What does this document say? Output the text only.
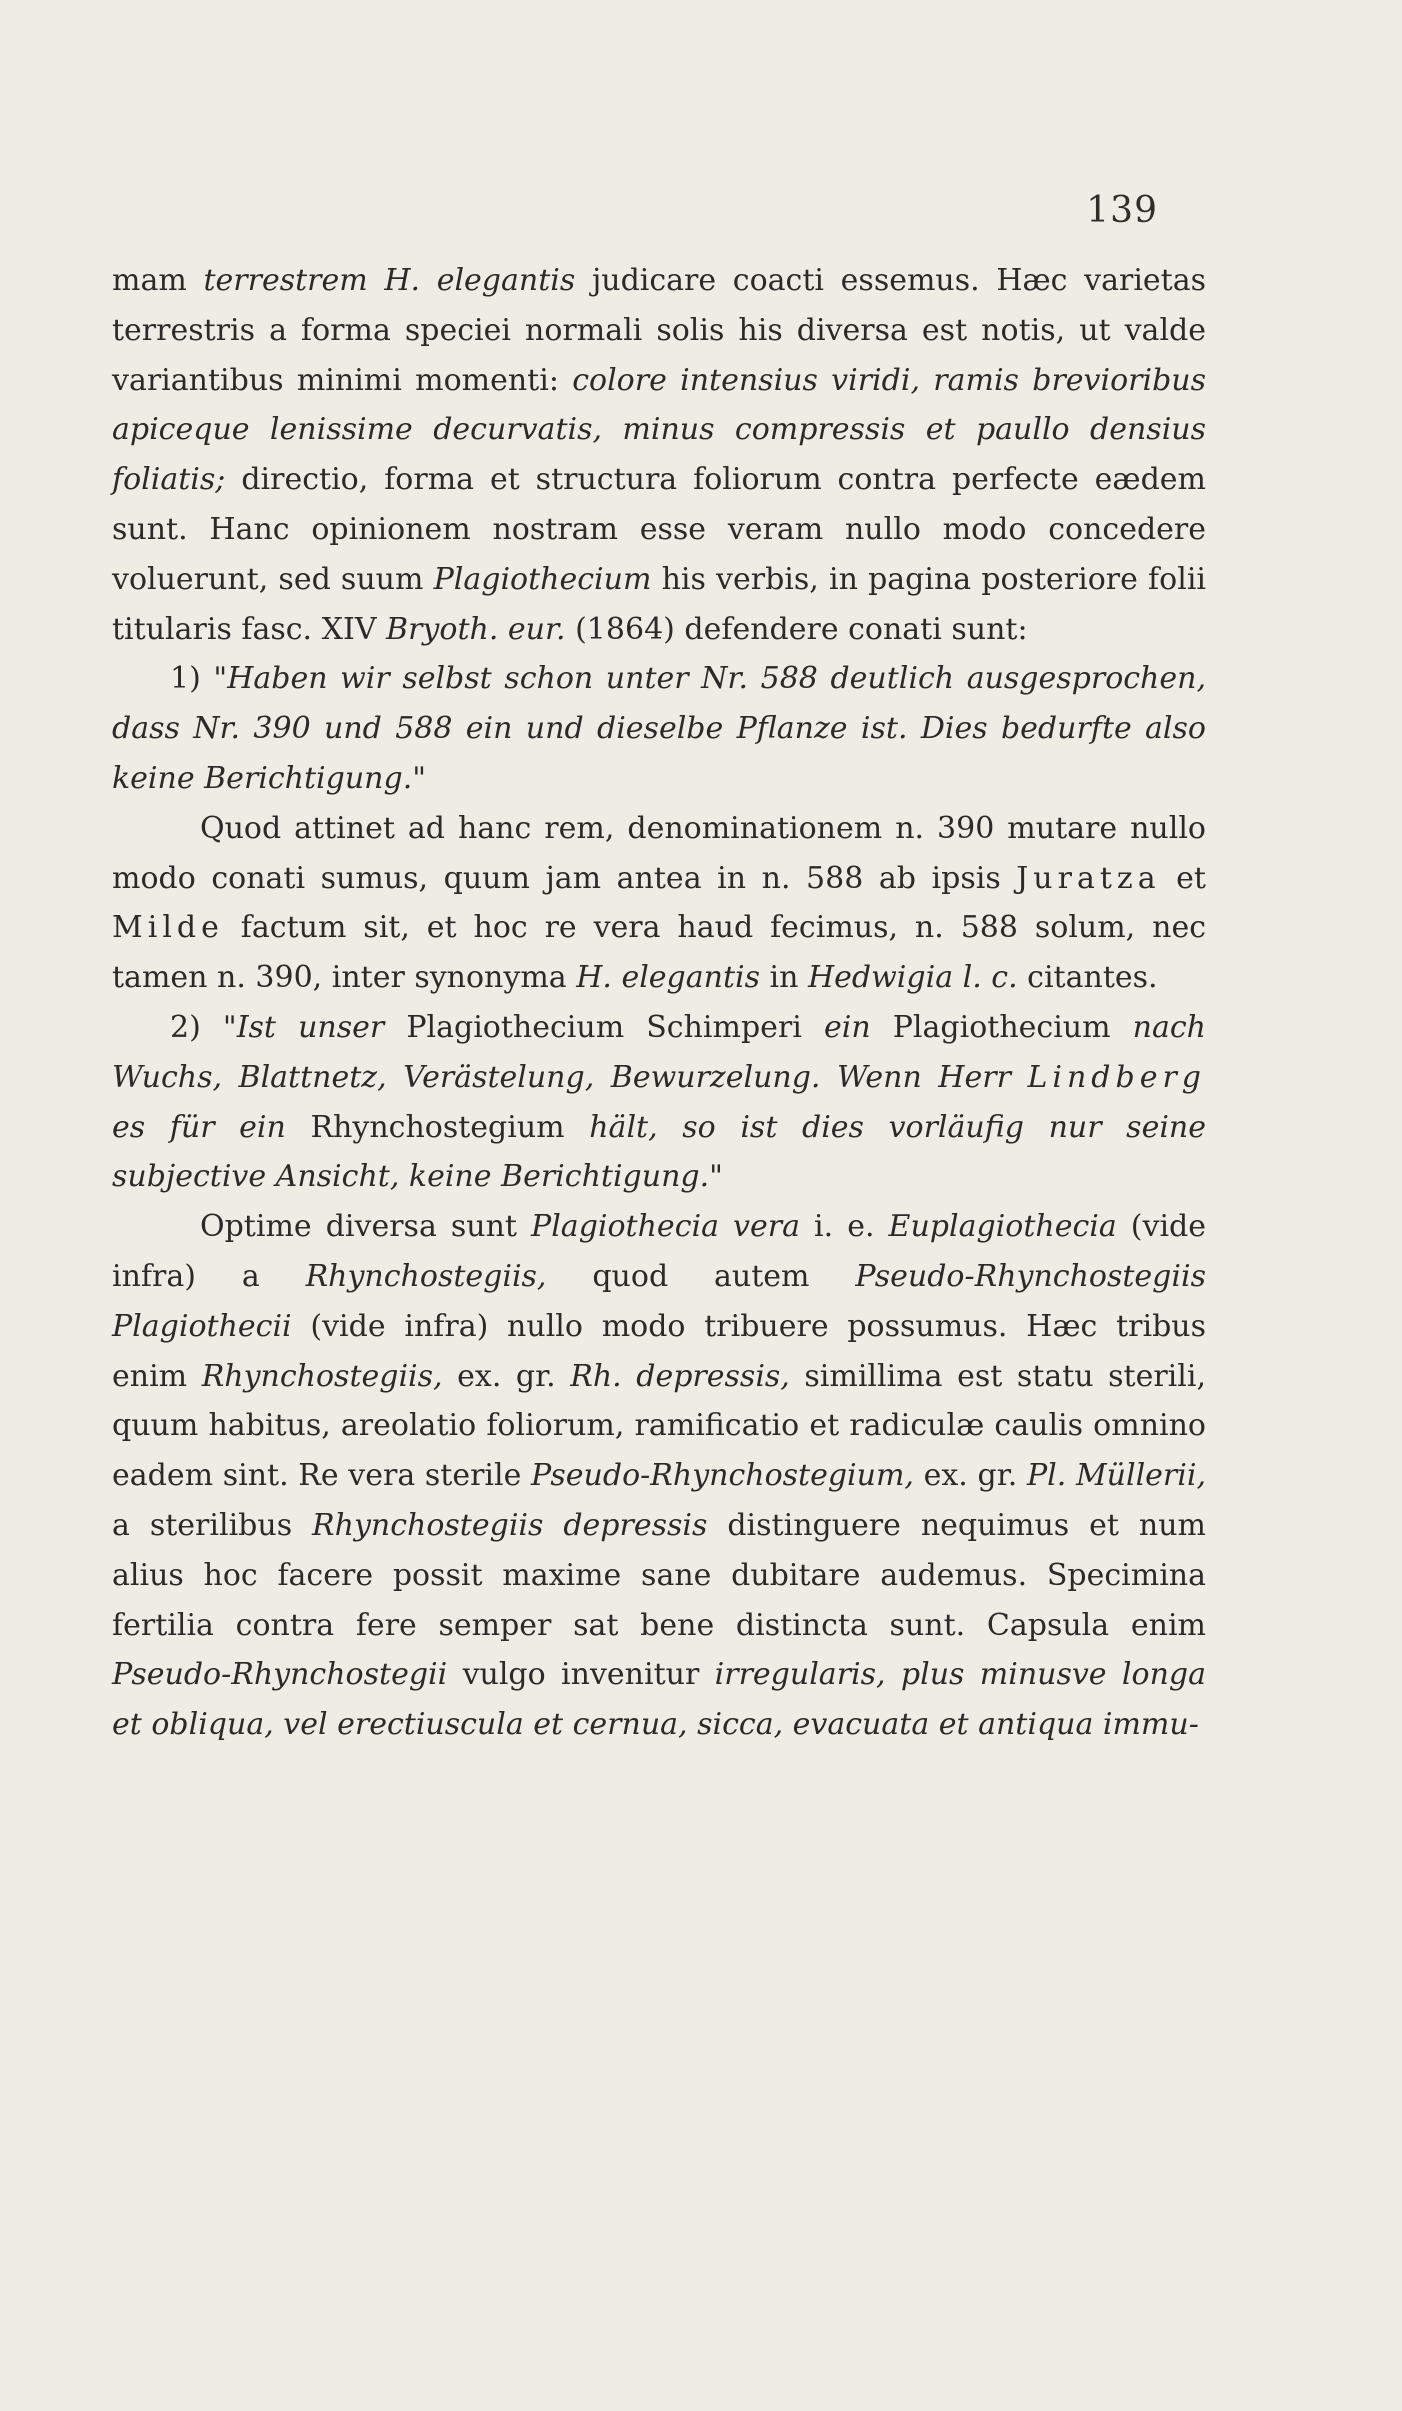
139

mam terrestrem H. elegantis judicare coacti essemus. Hæc varietas terrestris a forma speciei normali solis his diversa est notis, ut valde variantibus minimi momenti: colore intensius viridi, ramis brevioribus apiceque lenissime decurvatis, minus compressis et paullo densius foliatis; directio, forma et structura foliorum contra perfecte eædem sunt. Hanc opinionem nostram esse veram nullo modo concedere voluerunt, sed suum Plagiothecium his verbis, in pagina posteriore folii titularis fasc. XIV Bryoth. eur. (1864) defendere conati sunt:

1) "Haben wir selbst schon unter Nr. 588 deutlich ausgesprochen, dass Nr. 390 und 588 ein und dieselbe Pflanze ist. Dies bedurfte also keine Berichtigung."

Quod attinet ad hanc rem, denominationem n. 390 mutare nullo modo conati sumus, quum jam antea in n. 588 ab ipsis Juratza et Milde factum sit, et hoc re vera haud fecimus, n. 588 solum, nec tamen n. 390, inter synonyma H. elegantis in Hedwigia l. c. citantes.

2) "Ist unser Plagiothecium Schimperi ein Plagiothecium nach Wuchs, Blattnetz, Verästelung, Bewurzelung. Wenn Herr Lindberg es für ein Rhynchostegium hält, so ist dies vorläufig nur seine subjective Ansicht, keine Berichtigung."

Optime diversa sunt Plagiothecia vera i. e. Euplagiothecia (vide infra) a Rhynchostegiis, quod autem Pseudo-Rhynchostegiis Plagiothecii (vide infra) nullo modo tribuere possumus. Hæc tribus enim Rhynchostegiis, ex. gr. Rh. depressis, simillima est statu sterili, quum habitus, areolatio foliorum, ramificatio et radiculæ caulis omnino eadem sint. Re vera sterile Pseudo-Rhynchostegium, ex. gr. Pl. Müllerii, a sterilibus Rhynchostegiis depressis distinguere nequimus et num alius hoc facere possit maxime sane dubitare audemus. Specimina fertilia contra fere semper sat bene distincta sunt. Capsula enim Pseudo-Rhynchostegii vulgo invenitur irregularis, plus minusve longa et obliqua, vel erectiuscula et cernua, sicca, evacuata et antiqua immu-
